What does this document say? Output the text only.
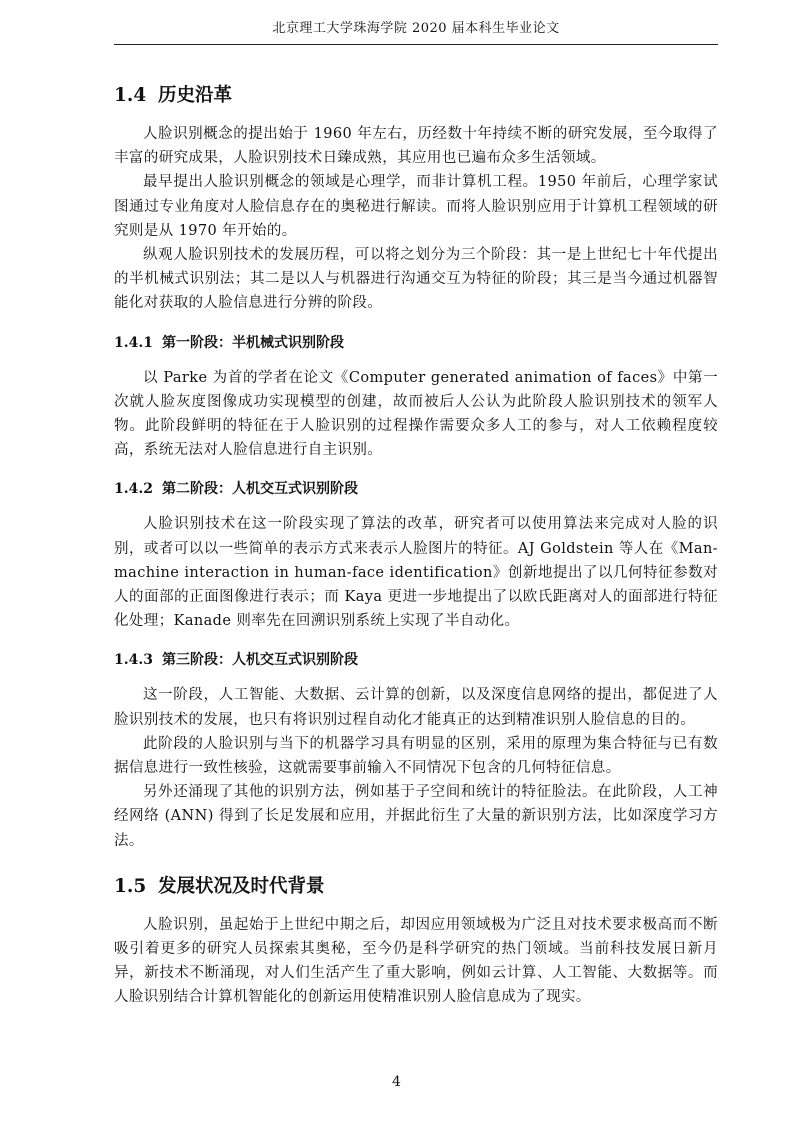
北京理工大学珠海学院 2020 届本科生毕业论文
1.4 历史沿革

人脸识别概念的提出始于 1960 年左右，历经数十年持续不断的研究发展，至今取得了丰富的研究成果，人脸识别技术日臻成熟，其应用也已遍布众多生活领域。

最早提出人脸识别概念的领域是心理学，而非计算机工程。1950 年前后，心理学家试图通过专业角度对人脸信息存在的奥秘进行解读。而将人脸识别应用于计算机工程领域的研究则是从 1970 年开始的。

纵观人脸识别技术的发展历程，可以将之划分为三个阶段：其一是上世纪七十年代提出的半机械式识别法；其二是以人与机器进行沟通交互为特征的阶段；其三是当今通过机器智能化对获取的人脸信息进行分辨的阶段。

1.4.1 第一阶段：半机械式识别阶段

以 Parke 为首的学者在论文《Computer generated animation of faces》中第一次就人脸灰度图像成功实现模型的创建，故而被后人公认为此阶段人脸识别技术的领军人物。此阶段鲜明的特征在于人脸识别的过程操作需要众多人工的参与，对人工依赖程度较高，系统无法对人脸信息进行自主识别。

1.4.2 第二阶段：人机交互式识别阶段

人脸识别技术在这一阶段实现了算法的改革，研究者可以使用算法来完成对人脸的识别，或者可以以一些简单的表示方式来表示人脸图片的特征。AJ Goldstein 等人在《Man-machine interaction in human-face identification》创新地提出了以几何特征参数对人的面部的正面图像进行表示；而 Kaya 更进一步地提出了以欧氏距离对人的面部进行特征化处理；Kanade 则率先在回溯识别系统上实现了半自动化。

1.4.3 第三阶段：人机交互式识别阶段

这一阶段，人工智能、大数据、云计算的创新，以及深度信息网络的提出，都促进了人脸识别技术的发展，也只有将识别过程自动化才能真正的达到精准识别人脸信息的目的。

此阶段的人脸识别与当下的机器学习具有明显的区别，采用的原理为集合特征与已有数据信息进行一致性核验，这就需要事前输入不同情况下包含的几何特征信息。

另外还涌现了其他的识别方法，例如基于子空间和统计的特征脸法。在此阶段，人工神经网络 (ANN) 得到了长足发展和应用，并据此衍生了大量的新识别方法，比如深度学习方法。

1.5 发展状况及时代背景

人脸识别，虽起始于上世纪中期之后，却因应用领域极为广泛且对技术要求极高而不断吸引着更多的研究人员探索其奥秘，至今仍是科学研究的热门领域。当前科技发展日新月异，新技术不断涌现，对人们生活产生了重大影响，例如云计算、人工智能、大数据等。而人脸识别结合计算机智能化的创新运用使精准识别人脸信息成为了现实。

4
